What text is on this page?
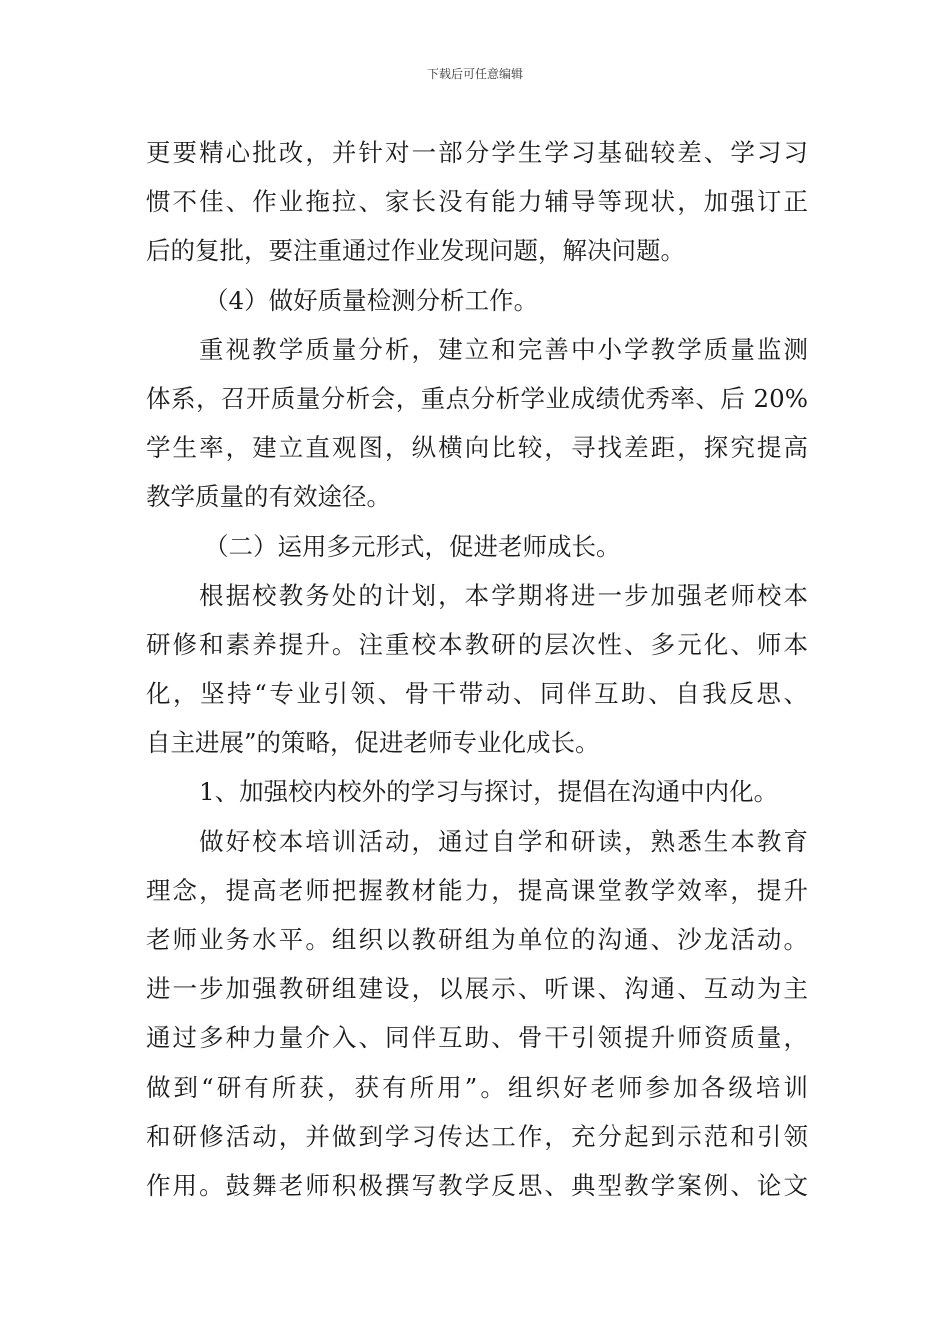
下载后可任意编辑
更要精心批改，并针对一部分学生学习基础较差、学习习
惯不佳、作业拖拉、家长没有能力辅导等现状，加强订正
后的复批，要注重通过作业发现问题，解决问题。
（4）做好质量检测分析工作。
重视教学质量分析，建立和完善中小学教学质量监测
体系，召开质量分析会，重点分析学业成绩优秀率、后 20%
学生率，建立直观图，纵横向比较，寻找差距，探究提高
教学质量的有效途径。
（二）运用多元形式，促进老师成长。
根据校教务处的计划，本学期将进一步加强老师校本
研修和素养提升。注重校本教研的层次性、多元化、师本
化，坚持“专业引领、骨干带动、同伴互助、自我反思、
自主进展”的策略，促进老师专业化成长。
1、加强校内校外的学习与探讨，提倡在沟通中内化。
做好校本培训活动，通过自学和研读，熟悉生本教育
理念，提高老师把握教材能力，提高课堂教学效率，提升
老师业务水平。组织以教研组为单位的沟通、沙龙活动。
进一步加强教研组建设，以展示、听课、沟通、互动为主
通过多种力量介入、同伴互助、骨干引领提升师资质量，
做到“研有所获，获有所用”。组织好老师参加各级培训
和研修活动，并做到学习传达工作，充分起到示范和引领
作用。鼓舞老师积极撰写教学反思、典型教学案例、论文
